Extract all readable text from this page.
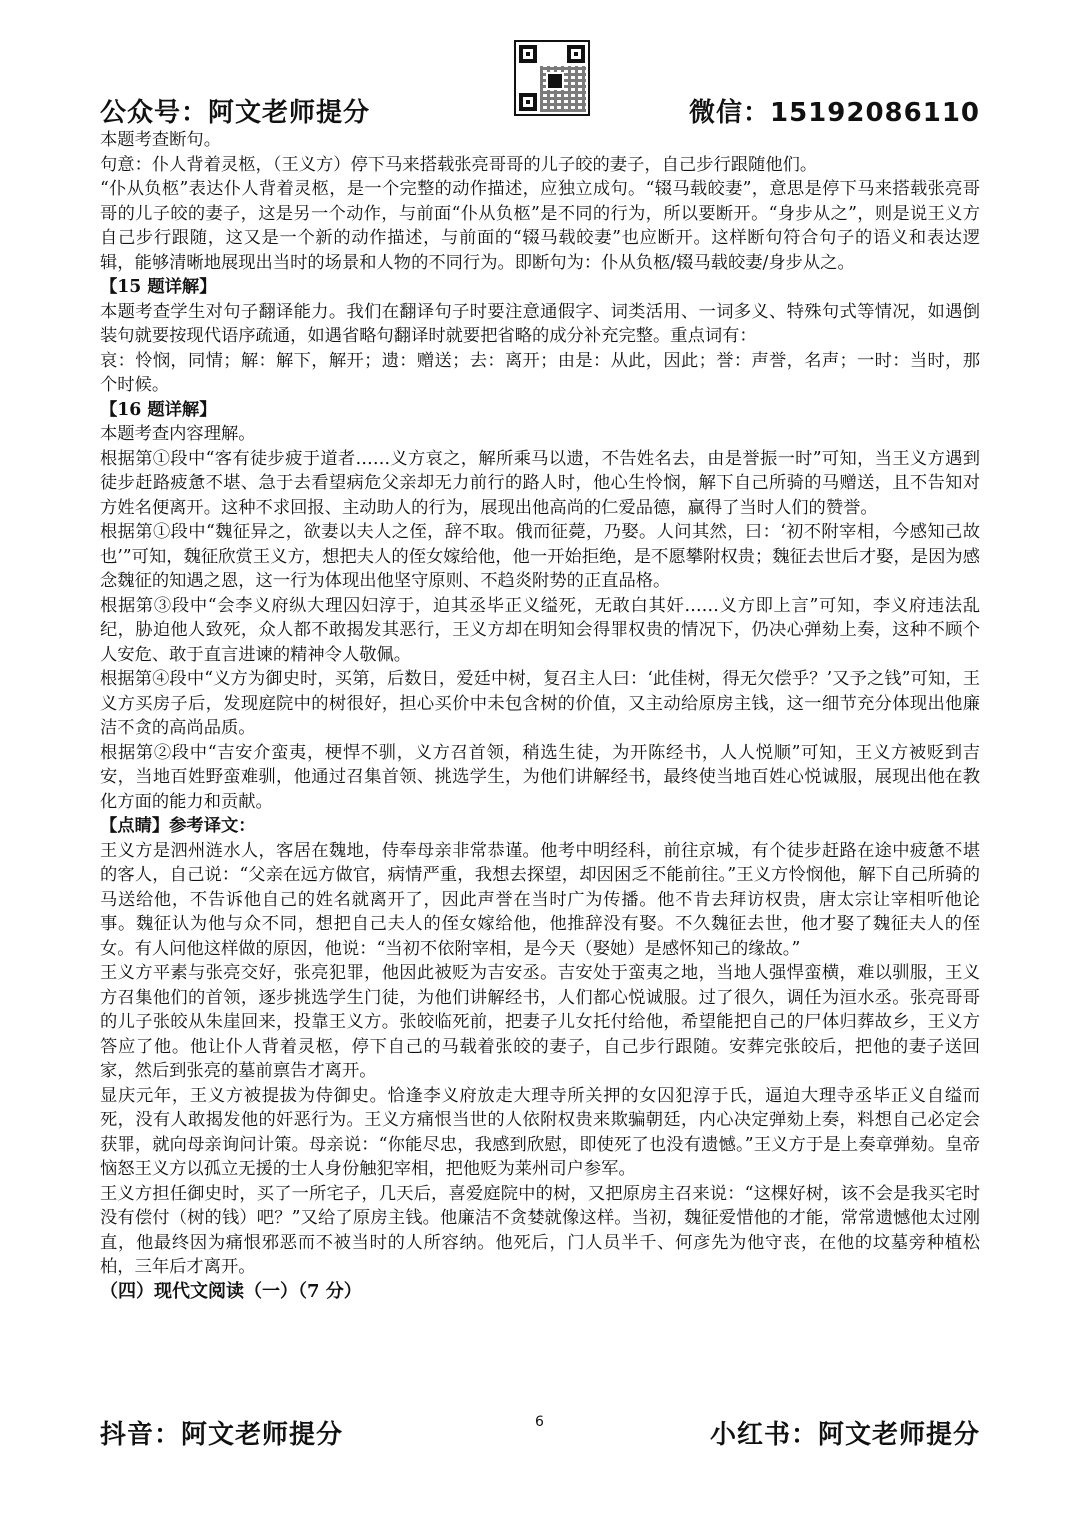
公众号：阿文老师提分	微信：15192086110

本题考查断句。

句意：仆人背着灵柩，（王义方）停下马来搭载张亮哥哥的儿子皎的妻子，自己步行跟随他们。

“仆从负柩”表达仆人背着灵柩，是一个完整的动作描述，应独立成句。“辍马载皎妻”，意思是停下马来搭载张亮哥哥的儿子皎的妻子，这是另一个动作，与前面“仆从负柩”是不同的行为，所以要断开。“身步从之”，则是说王义方自己步行跟随，这又是一个新的动作描述，与前面的“辍马载皎妻”也应断开。这样断句符合句子的语义和表达逻辑，能够清晰地展现出当时的场景和人物的不同行为。即断句为：仆从负柩/辍马载皎妻/身步从之。

【15 题详解】

本题考查学生对句子翻译能力。我们在翻译句子时要注意通假字、词类活用、一词多义、特殊句式等情况，如遇倒装句就要按现代语序疏通，如遇省略句翻译时就要把省略的成分补充完整。重点词有：

哀：怜悯，同情；解：解下，解开；遗：赠送；去：离开；由是：从此，因此；誉：声誉，名声；一时：当时，那个时候。

【16 题详解】

本题考查内容理解。

根据第①段中“客有徒步疲于道者……义方哀之，解所乘马以遗，不告姓名去，由是誉振一时”可知，当王义方遇到徒步赶路疲惫不堪、急于去看望病危父亲却无力前行的路人时，他心生怜悯，解下自己所骑的马赠送，且不告知对方姓名便离开。这种不求回报、主动助人的行为，展现出他高尚的仁爱品德，赢得了当时人们的赞誉。

根据第①段中“魏征异之，欲妻以夫人之侄，辞不取。俄而征薨，乃娶。人问其然，曰：‘初不附宰相，今感知己故也’”可知，魏征欣赏王义方，想把夫人的侄女嫁给他，他一开始拒绝，是不愿攀附权贵；魏征去世后才娶，是因为感念魏征的知遇之恩，这一行为体现出他坚守原则、不趋炎附势的正直品格。

根据第③段中“会李义府纵大理囚妇淳于，迫其丞毕正义缢死，无敢白其奸……义方即上言”可知，李义府违法乱纪，胁迫他人致死，众人都不敢揭发其恶行，王义方却在明知会得罪权贵的情况下，仍决心弹劾上奏，这种不顾个人安危、敢于直言进谏的精神令人敬佩。

根据第④段中“义方为御史时，买第，后数日，爱廷中树，复召主人曰：‘此佳树，得无欠偿乎？’又予之钱”可知，王义方买房子后，发现庭院中的树很好，担心买价中未包含树的价值，又主动给原房主钱，这一细节充分体现出他廉洁不贪的高尚品质。

根据第②段中“吉安介蛮夷，梗悍不驯，义方召首领，稍选生徒，为开陈经书，人人悦顺”可知，王义方被贬到吉安，当地百姓野蛮难驯，他通过召集首领、挑选学生，为他们讲解经书，最终使当地百姓心悦诚服，展现出他在教化方面的能力和贡献。

【点睛】参考译文：

王义方是泗州涟水人，客居在魏地，侍奉母亲非常恭谨。他考中明经科，前往京城，有个徒步赶路在途中疲惫不堪的客人，自己说：“父亲在远方做官，病情严重，我想去探望，却因困乏不能前往。”王义方怜悯他，解下自己所骑的马送给他，不告诉他自己的姓名就离开了，因此声誉在当时广为传播。他不肯去拜访权贵，唐太宗让宰相听他论事。魏征认为他与众不同，想把自己夫人的侄女嫁给他，他推辞没有娶。不久魏征去世，他才娶了魏征夫人的侄女。有人问他这样做的原因，他说：“当初不依附宰相，是今天（娶她）是感怀知己的缘故。”

王义方平素与张亮交好，张亮犯罪，他因此被贬为吉安丞。吉安处于蛮夷之地，当地人强悍蛮横，难以驯服，王义方召集他们的首领，逐步挑选学生门徒，为他们讲解经书，人们都心悦诚服。过了很久，调任为洹水丞。张亮哥哥的儿子张皎从朱崖回来，投靠王义方。张皎临死前，把妻子儿女托付给他，希望能把自己的尸体归葬故乡，王义方答应了他。他让仆人背着灵柩，停下自己的马载着张皎的妻子，自己步行跟随。安葬完张皎后，把他的妻子送回家，然后到张亮的墓前禀告才离开。

显庆元年，王义方被提拔为侍御史。恰逢李义府放走大理寺所关押的女囚犯淳于氏，逼迫大理寺丞毕正义自缢而死，没有人敢揭发他的奸恶行为。王义方痛恨当世的人依附权贵来欺骗朝廷，内心决定弹劾上奏，料想自己必定会获罪，就向母亲询问计策。母亲说：“你能尽忠，我感到欣慰，即使死了也没有遗憾。”王义方于是上奏章弹劾。皇帝恼怒王义方以孤立无援的士人身份触犯宰相，把他贬为莱州司户参军。

王义方担任御史时，买了一所宅子，几天后，喜爱庭院中的树，又把原房主召来说：“这棵好树，该不会是我买宅时没有偿付（树的钱）吧？”又给了原房主钱。他廉洁不贪婪就像这样。当初，魏征爱惜他的才能，常常遗憾他太过刚直，他最终因为痛恨邪恶而不被当时的人所容纳。他死后，门人员半千、何彦先为他守丧，在他的坟墓旁种植松柏，三年后才离开。

（四）现代文阅读（一）（7 分）

抖音：阿文老师提分	6	小红书：阿文老师提分
